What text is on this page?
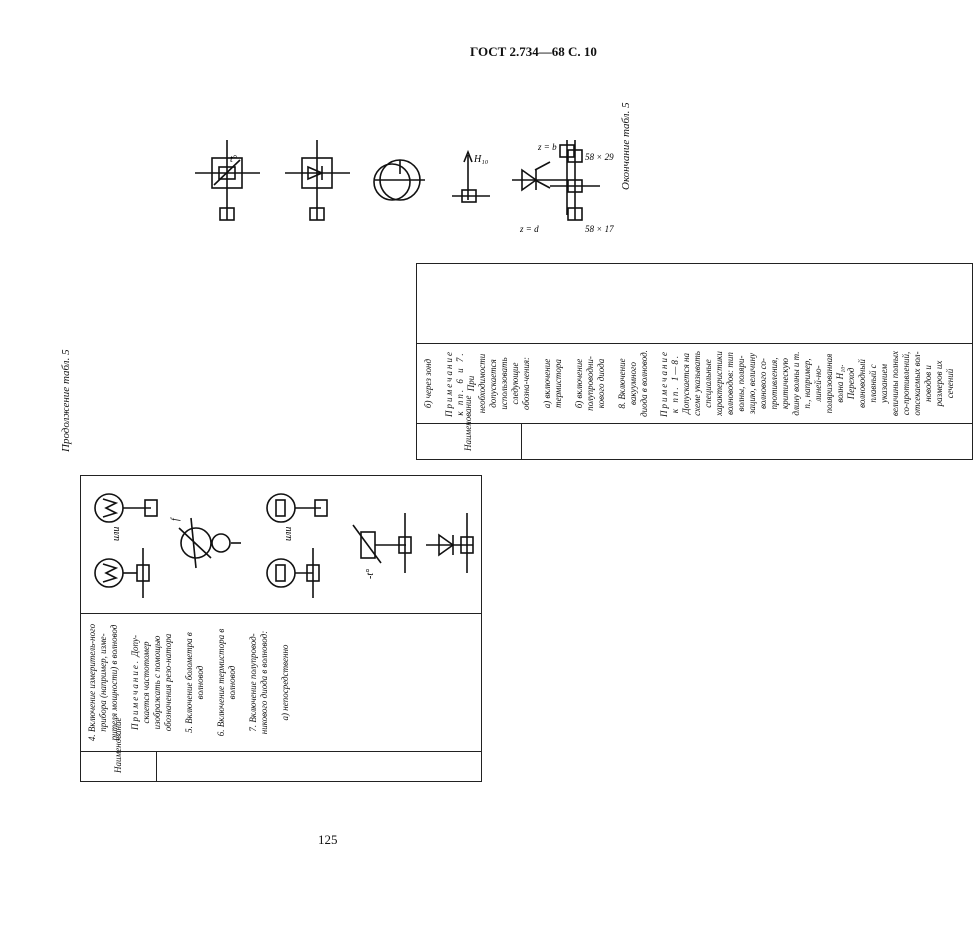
ГОСТ 2.734—68 С. 10
Продолжение табл. 5
Наименование	
4. Включение измеритель-ного прибора (например, изме-рителя мощности) в волновод Примечание. Допу-скается частотомер изображать с помощью обозначения резо-натора 5. Включение болометра в волновод 6. Включение термистора в волновод 7. Включение полупровод-никового диода в волновод: а) непосредственно

или
f
или
-t°

Окончание табл. 5
Наименование	
б) через зонд Примечание к пп. 6 и 7. При необходимости допускается использовать следующие обозна-чения: а) включение термистора б) включение полупроводни-кового диода 8. Включение вакуумного диода в волновод. Примечание к пп. 1—8. Допускается на схеме указывать специальные характеристики волноводов: тип волны, поляри-зацию, величину волнового со-противления, критическую длину волны и т. п., например, линей-но-поляризованная волна H₁₀. Переход волноводный плавный с указанием величины полных со-противлений, отсекаемых вол-новодов и размеров их сечений

t°	H₁₀
z = b
z = d
58 × 29
58 × 17
125
